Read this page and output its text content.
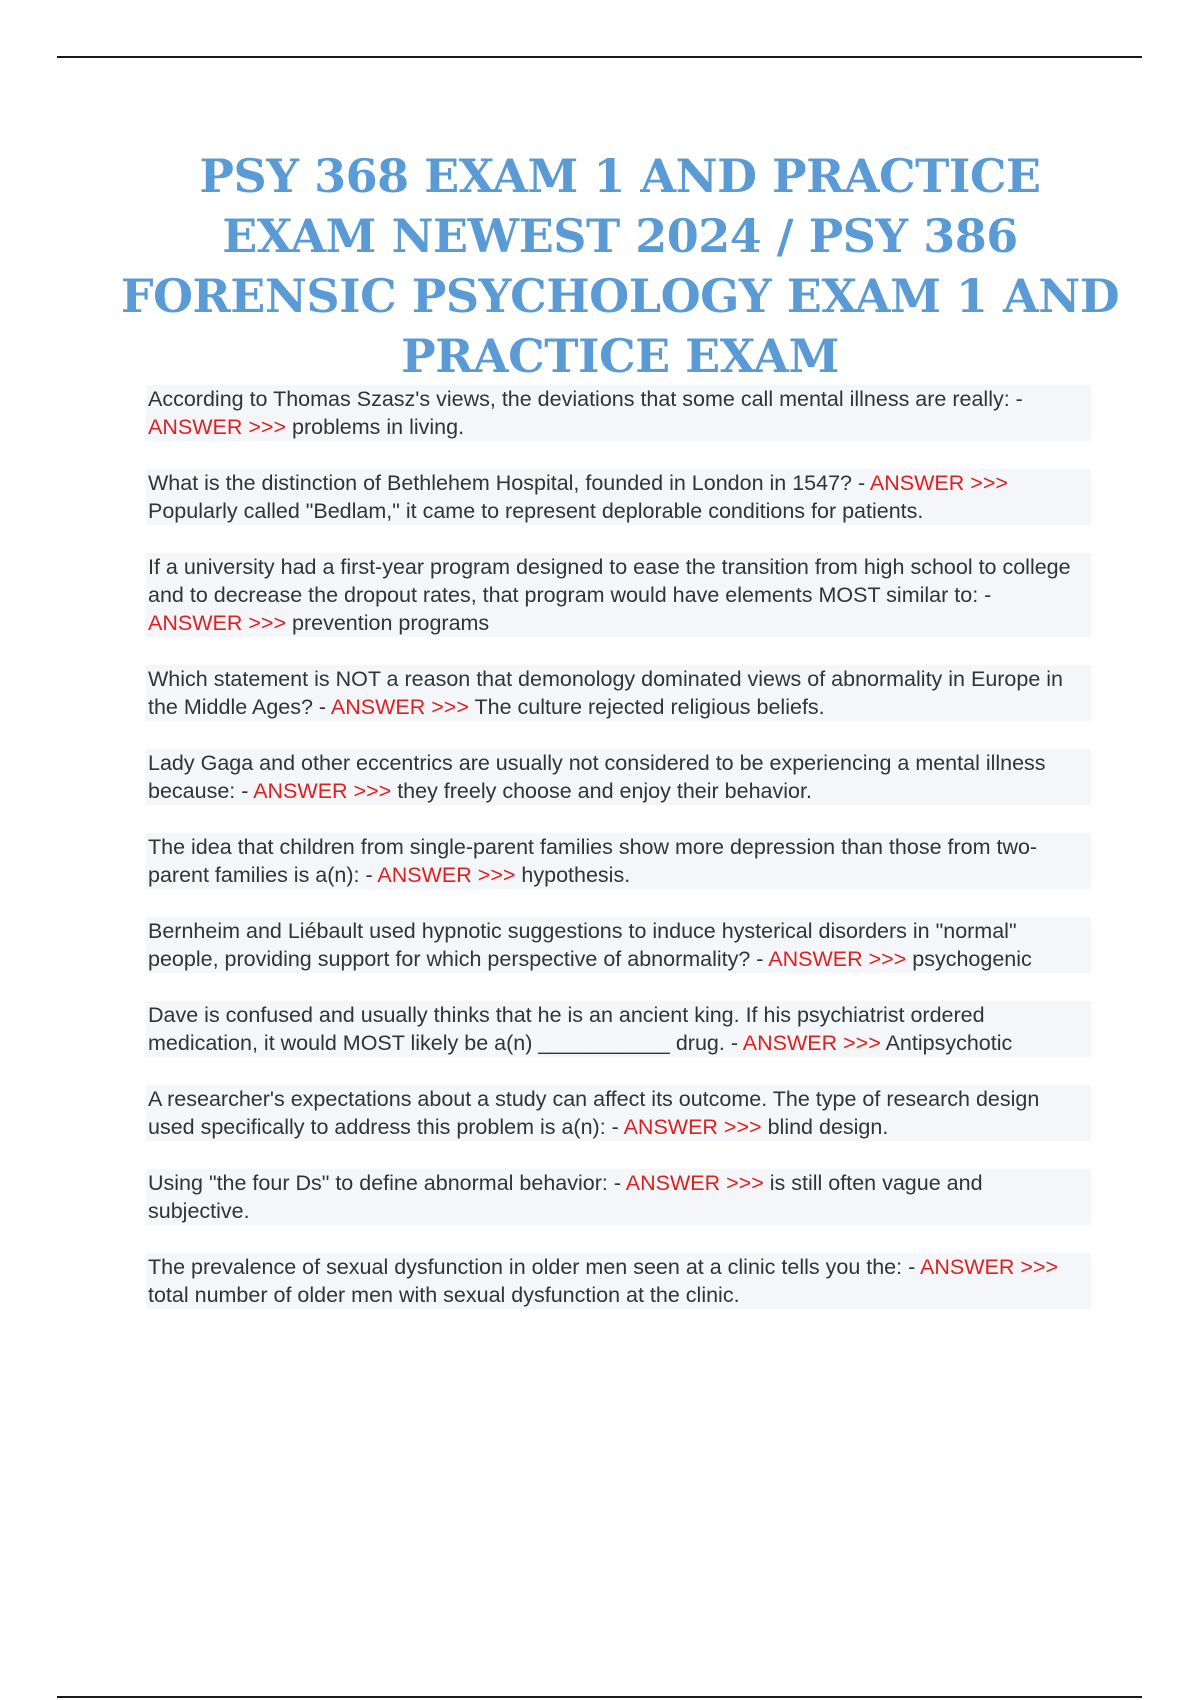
PSY 368 EXAM 1 AND PRACTICE EXAM NEWEST 2024 / PSY 386 FORENSIC PSYCHOLOGY EXAM 1 AND PRACTICE EXAM

According to Thomas Szasz's views, the deviations that some call mental illness are really: - ANSWER >>> problems in living.

What is the distinction of Bethlehem Hospital, founded in London in 1547? - ANSWER >>> Popularly called "Bedlam," it came to represent deplorable conditions for patients.

If a university had a first-year program designed to ease the transition from high school to college and to decrease the dropout rates, that program would have elements MOST similar to: - ANSWER >>> prevention programs

Which statement is NOT a reason that demonology dominated views of abnormality in Europe in the Middle Ages? - ANSWER >>> The culture rejected religious beliefs.

Lady Gaga and other eccentrics are usually not considered to be experiencing a mental illness because: - ANSWER >>> they freely choose and enjoy their behavior.

The idea that children from single-parent families show more depression than those from two-parent families is a(n): - ANSWER >>> hypothesis.

Bernheim and Liébault used hypnotic suggestions to induce hysterical disorders in "normal" people, providing support for which perspective of abnormality? - ANSWER >>> psychogenic

Dave is confused and usually thinks that he is an ancient king. If his psychiatrist ordered medication, it would MOST likely be a(n) ___________ drug. - ANSWER >>> Antipsychotic

A researcher's expectations about a study can affect its outcome. The type of research design used specifically to address this problem is a(n): - ANSWER >>> blind design.

Using "the four Ds" to define abnormal behavior: - ANSWER >>> is still often vague and subjective.

The prevalence of sexual dysfunction in older men seen at a clinic tells you the: - ANSWER >>> total number of older men with sexual dysfunction at the clinic.
